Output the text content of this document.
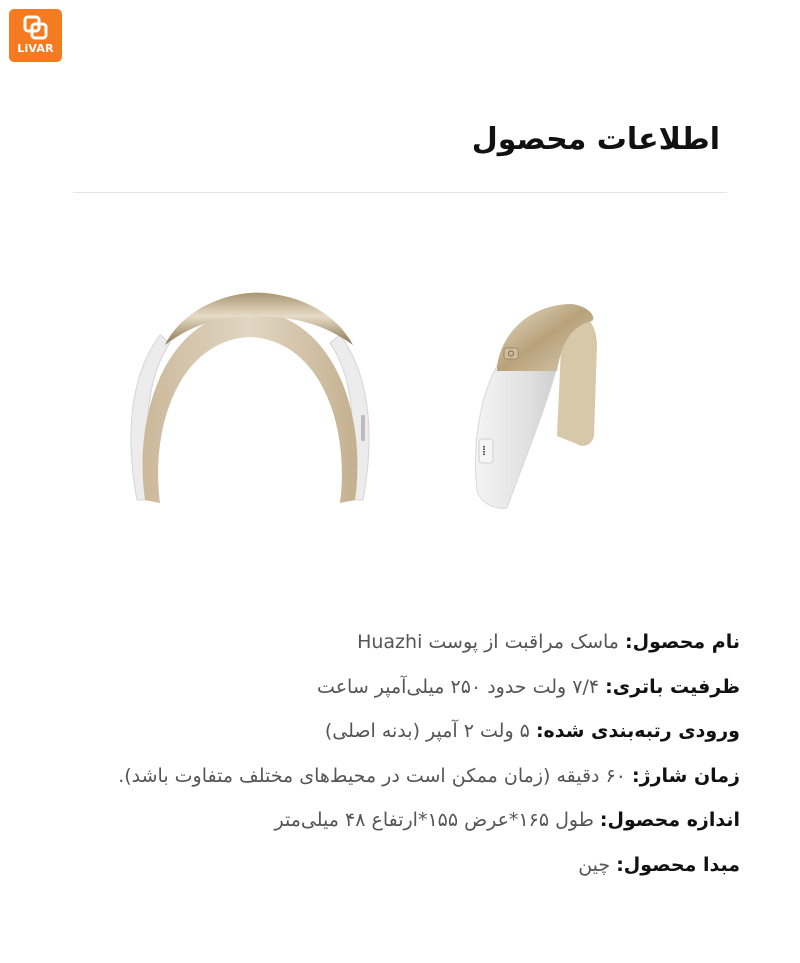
LiVAR
اطلاعات محصول
نام محصول: ماسک مراقبت از پوست Huazhi
ظرفیت باتری: ۷/۴ ولت حدود ۲۵۰ میلی‌آمپر ساعت
ورودی رتبه‌بندی شده: ۵ ولت ۲ آمپر (بدنه اصلی)
زمان شارژ: ۶۰ دقیقه (زمان ممکن است در محیط‌های مختلف متفاوت باشد).
اندازه محصول: طول ۱۶۵*عرض ۱۵۵*ارتفاع ۴۸ میلی‌متر
مبدا محصول: چین
